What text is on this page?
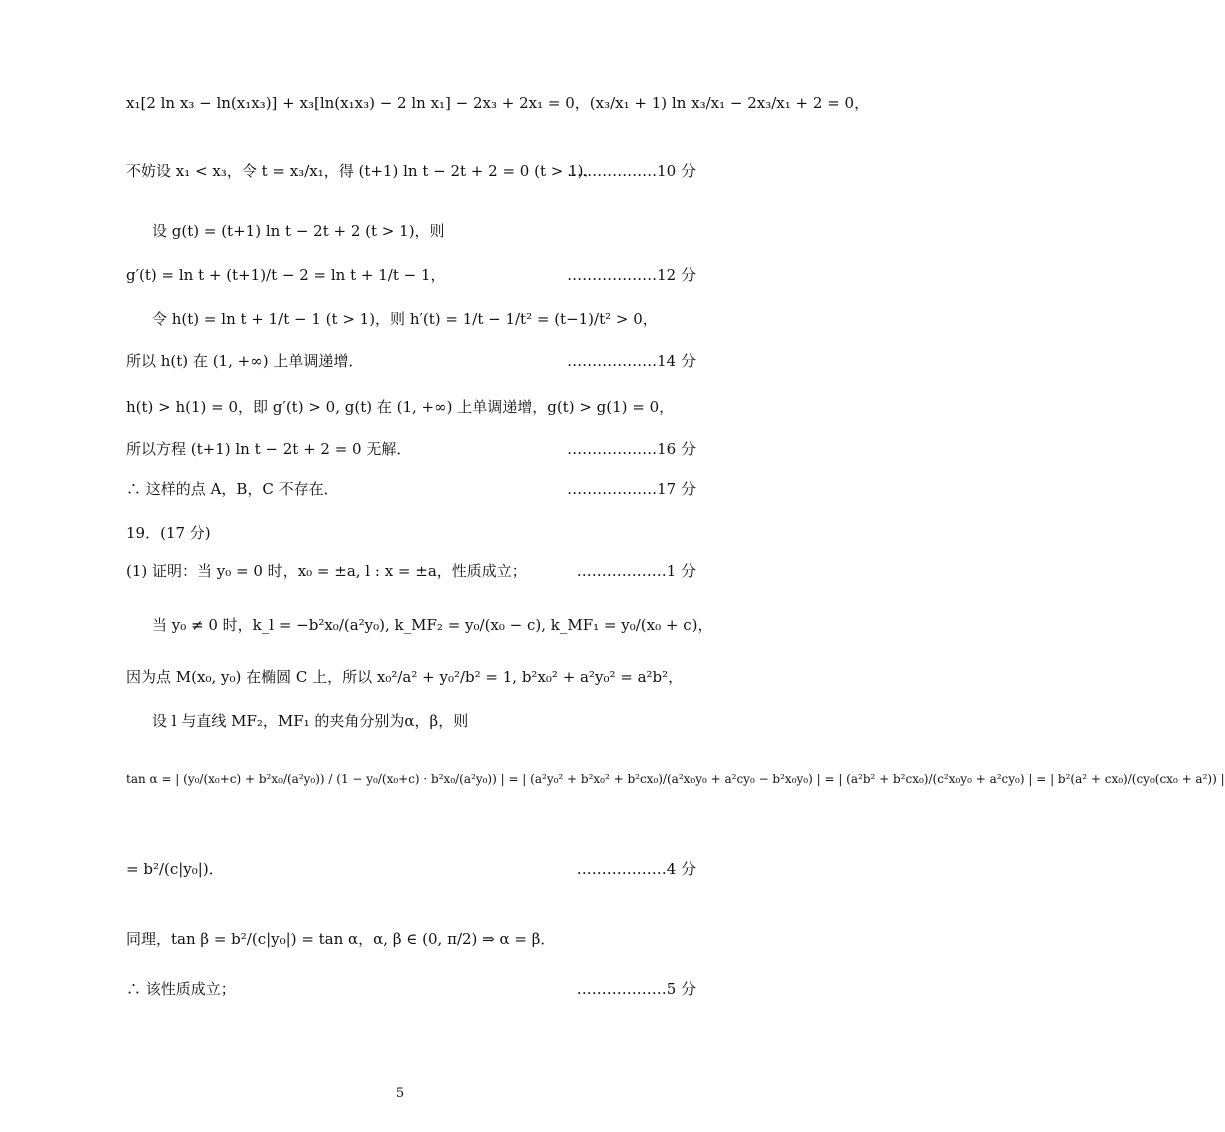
x₁[2 ln x₃ − ln(x₁x₃)] + x₃[ln(x₁x₃) − 2 ln x₁] − 2x₃ + 2x₁ = 0，(x₃/x₁ + 1) ln x₃/x₁ − 2x₃/x₁ + 2 = 0，
不妨设 x₁ < x₃，令 t = x₃/x₁，得 (t+1) ln t − 2t + 2 = 0 (t > 1)．
………………10 分
设 g(t) = (t+1) ln t − 2t + 2 (t > 1)，则
g′(t) = ln t + (t+1)/t − 2 = ln t + 1/t − 1，	………………12 分
令 h(t) = ln t + 1/t − 1 (t > 1)，则 h′(t) = 1/t − 1/t² = (t−1)/t² > 0，
所以 h(t) 在 (1, +∞) 上单调递增．	………………14 分
h(t) > h(1) = 0，即 g′(t) > 0, g(t) 在 (1, +∞) 上单调递增，g(t) > g(1) = 0，
所以方程 (t+1) ln t − 2t + 2 = 0 无解．	………………16 分
∴ 这样的点 A，B，C 不存在．	………………17 分
19．(17 分)
(1) 证明：当 y₀ = 0 时，x₀ = ±a, l : x = ±a，性质成立；	………………1 分
当 y₀ ≠ 0 时，k_l = −b²x₀/(a²y₀), k_MF₂ = y₀/(x₀ − c), k_MF₁ = y₀/(x₀ + c)，
因为点 M(x₀, y₀) 在椭圆 C 上，所以 x₀²/a² + y₀²/b² = 1, b²x₀² + a²y₀² = a²b²，
设 l 与直线 MF₂，MF₁ 的夹角分别为α，β，则
tan α = | (y₀/(x₀+c) + b²x₀/(a²y₀)) / (1 − y₀/(x₀+c) · b²x₀/(a²y₀)) | = | (a²y₀² + b²x₀² + b²cx₀)/(a²x₀y₀ + a²cy₀ − b²x₀y₀) | = | (a²b² + b²cx₀)/(c²x₀y₀ + a²cy₀) | = | b²(a² + cx₀)/(cy₀(cx₀ + a²)) |
= b²/(c|y₀|)．	………………4 分
同理，tan β = b²/(c|y₀|) = tan α，α, β ∈ (0, π/2) ⇒ α = β．
∴ 该性质成立；	………………5 分
5
